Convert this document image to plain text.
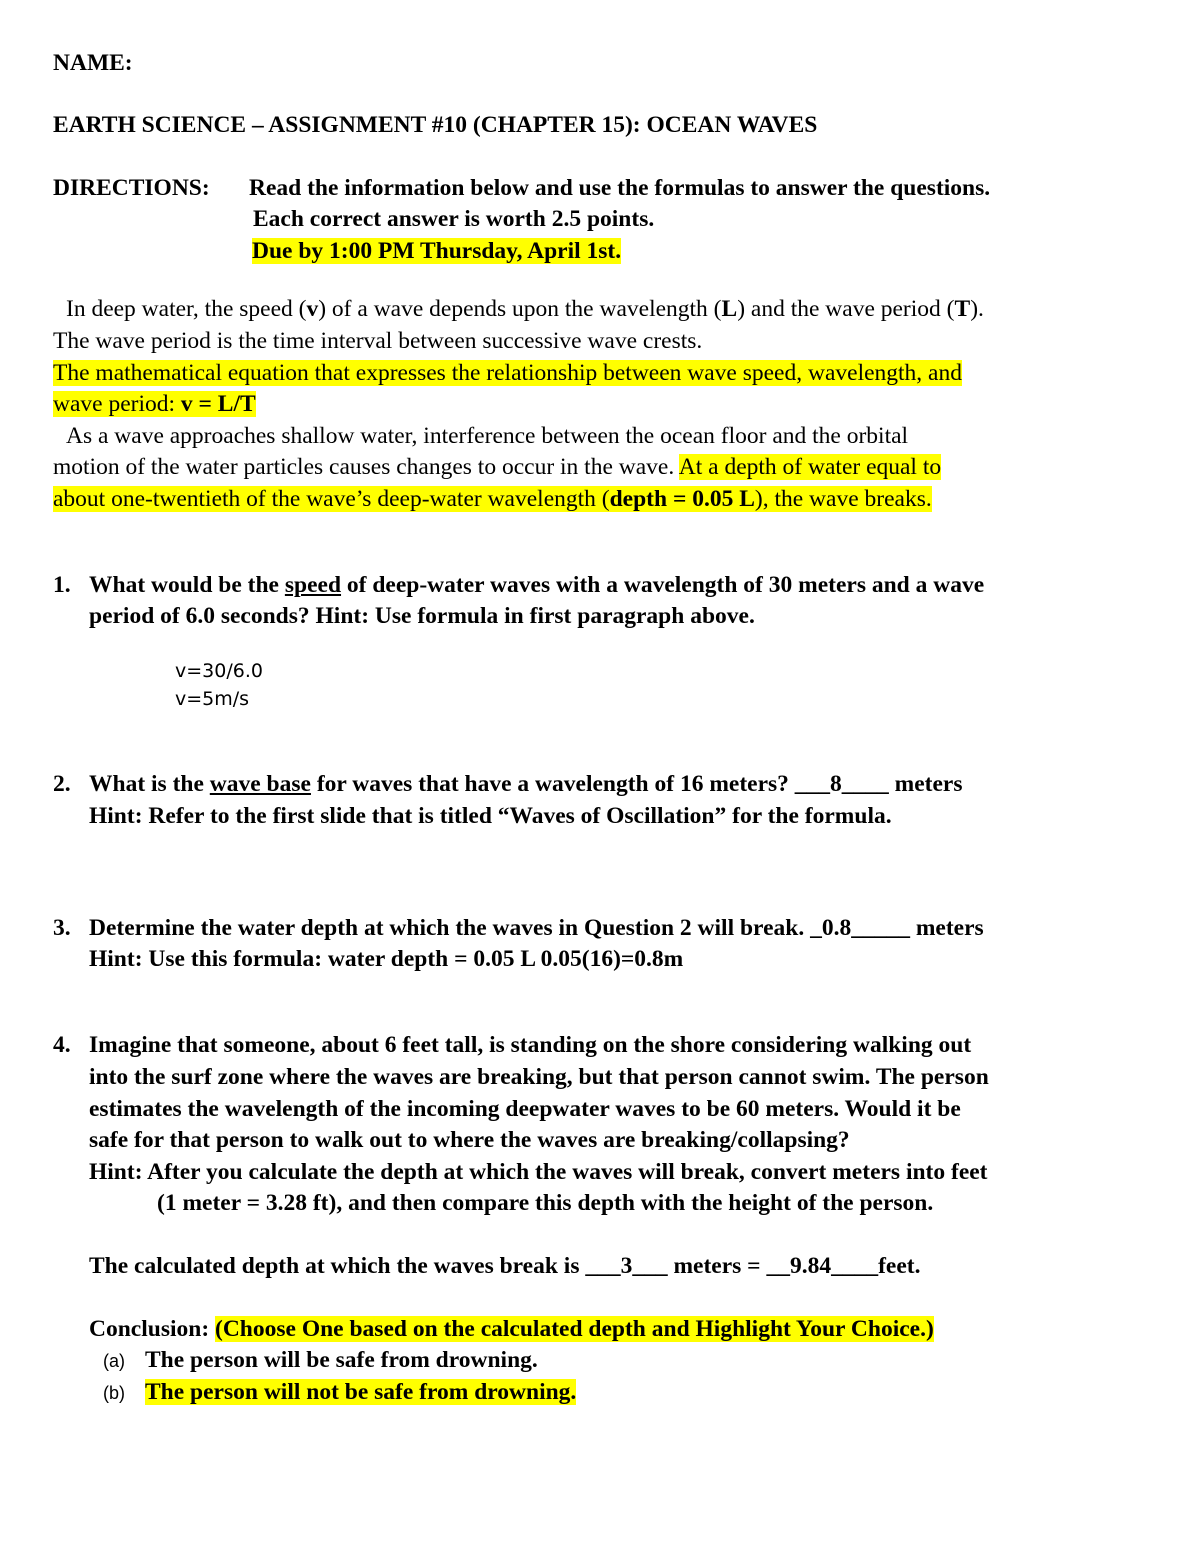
NAME:
EARTH SCIENCE – ASSIGNMENT #10 (CHAPTER 15): OCEAN WAVES
DIRECTIONS: Read the information below and use the formulas to answer the questions.
Each correct answer is worth 2.5 points.
Due by 1:00 PM Thursday, April 1st.
In deep water, the speed (v) of a wave depends upon the wavelength (L) and the wave period (T).
The wave period is the time interval between successive wave crests.
The mathematical equation that expresses the relationship between wave speed, wavelength, and
wave period: v = L/T
As a wave approaches shallow water, interference between the ocean floor and the orbital
motion of the water particles causes changes to occur in the wave. At a depth of water equal to
about one-twentieth of the wave’s deep-water wavelength (depth = 0.05 L), the wave breaks.
1. What would be the speed of deep-water waves with a wavelength of 30 meters and a wave
period of 6.0 seconds? Hint: Use formula in first paragraph above.
v=30/6.0
v=5m/s
2. What is the wave base for waves that have a wavelength of 16 meters? ___8____ meters
Hint: Refer to the first slide that is titled “Waves of Oscillation” for the formula.
3. Determine the water depth at which the waves in Question 2 will break. _0.8_____ meters
Hint: Use this formula: water depth = 0.05 L 0.05(16)=0.8m
4. Imagine that someone, about 6 feet tall, is standing on the shore considering walking out
into the surf zone where the waves are breaking, but that person cannot swim. The person
estimates the wavelength of the incoming deepwater waves to be 60 meters. Would it be
safe for that person to walk out to where the waves are breaking/collapsing?
Hint: After you calculate the depth at which the waves will break, convert meters into feet
(1 meter = 3.28 ft), and then compare this depth with the height of the person.
The calculated depth at which the waves break is ___3___ meters = __9.84____feet.
Conclusion: (Choose One based on the calculated depth and Highlight Your Choice.)
(a) The person will be safe from drowning.
(b) The person will not be safe from drowning.
